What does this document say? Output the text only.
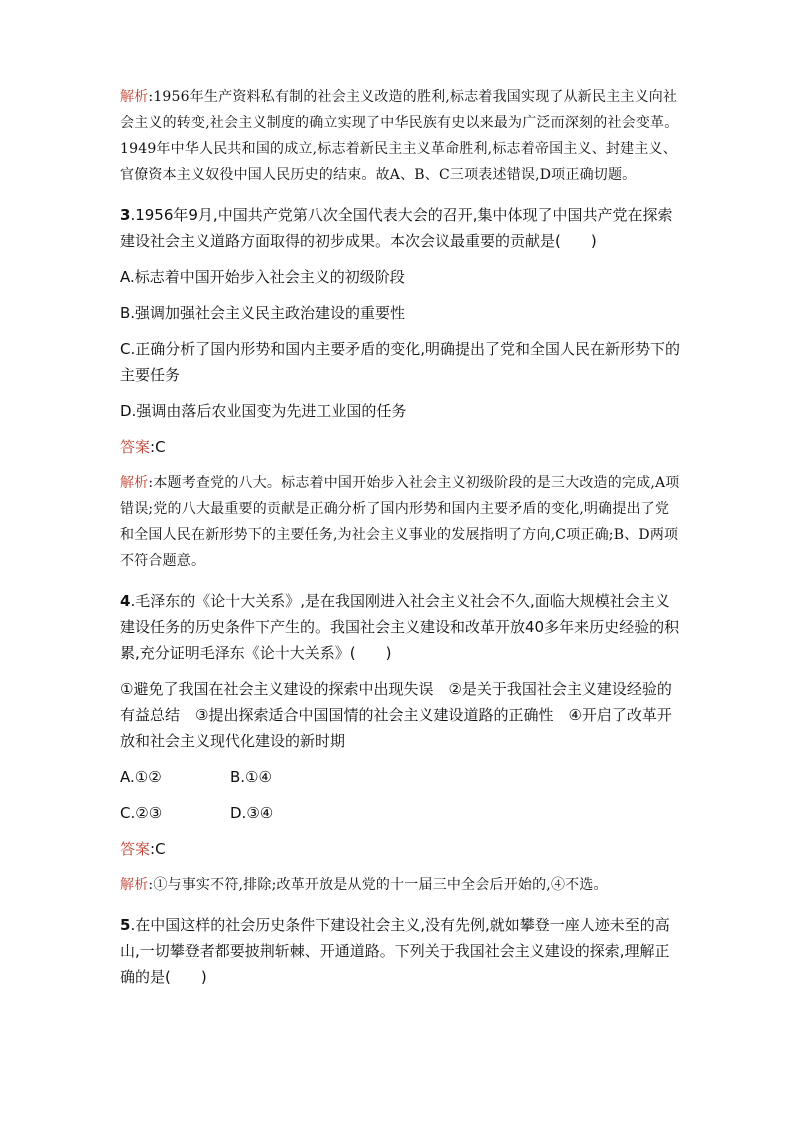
解析:1956年生产资料私有制的社会主义改造的胜利,标志着我国实现了从新民主主义向社会主义的转变,社会主义制度的确立实现了中华民族有史以来最为广泛而深刻的社会变革。1949年中华人民共和国的成立,标志着新民主主义革命胜利,标志着帝国主义、封建主义、官僚资本主义奴役中国人民历史的结束。故A、B、C三项表述错误,D项正确切题。

3.1956年9月,中国共产党第八次全国代表大会的召开,集中体现了中国共产党在探索建设社会主义道路方面取得的初步成果。本次会议最重要的贡献是(　　)

A.标志着中国开始步入社会主义的初级阶段

B.强调加强社会主义民主政治建设的重要性

C.正确分析了国内形势和国内主要矛盾的变化,明确提出了党和全国人民在新形势下的主要任务

D.强调由落后农业国变为先进工业国的任务

答案:C

解析:本题考查党的八大。标志着中国开始步入社会主义初级阶段的是三大改造的完成,A项错误;党的八大最重要的贡献是正确分析了国内形势和国内主要矛盾的变化,明确提出了党和全国人民在新形势下的主要任务,为社会主义事业的发展指明了方向,C项正确;B、D两项不符合题意。

4.毛泽东的《论十大关系》,是在我国刚进入社会主义社会不久,面临大规模社会主义建设任务的历史条件下产生的。我国社会主义建设和改革开放40多年来历史经验的积累,充分证明毛泽东《论十大关系》(　　)

①避免了我国在社会主义建设的探索中出现失误　②是关于我国社会主义建设经验的有益总结　③提出探索适合中国国情的社会主义建设道路的正确性　④开启了改革开放和社会主义现代化建设的新时期

A.①②	B.①④

C.②③	D.③④

答案:C

解析:①与事实不符,排除;改革开放是从党的十一届三中全会后开始的,④不选。

5.在中国这样的社会历史条件下建设社会主义,没有先例,就如攀登一座人迹未至的高山,一切攀登者都要披荆斩棘、开通道路。下列关于我国社会主义建设的探索,理解正确的是(　　)
